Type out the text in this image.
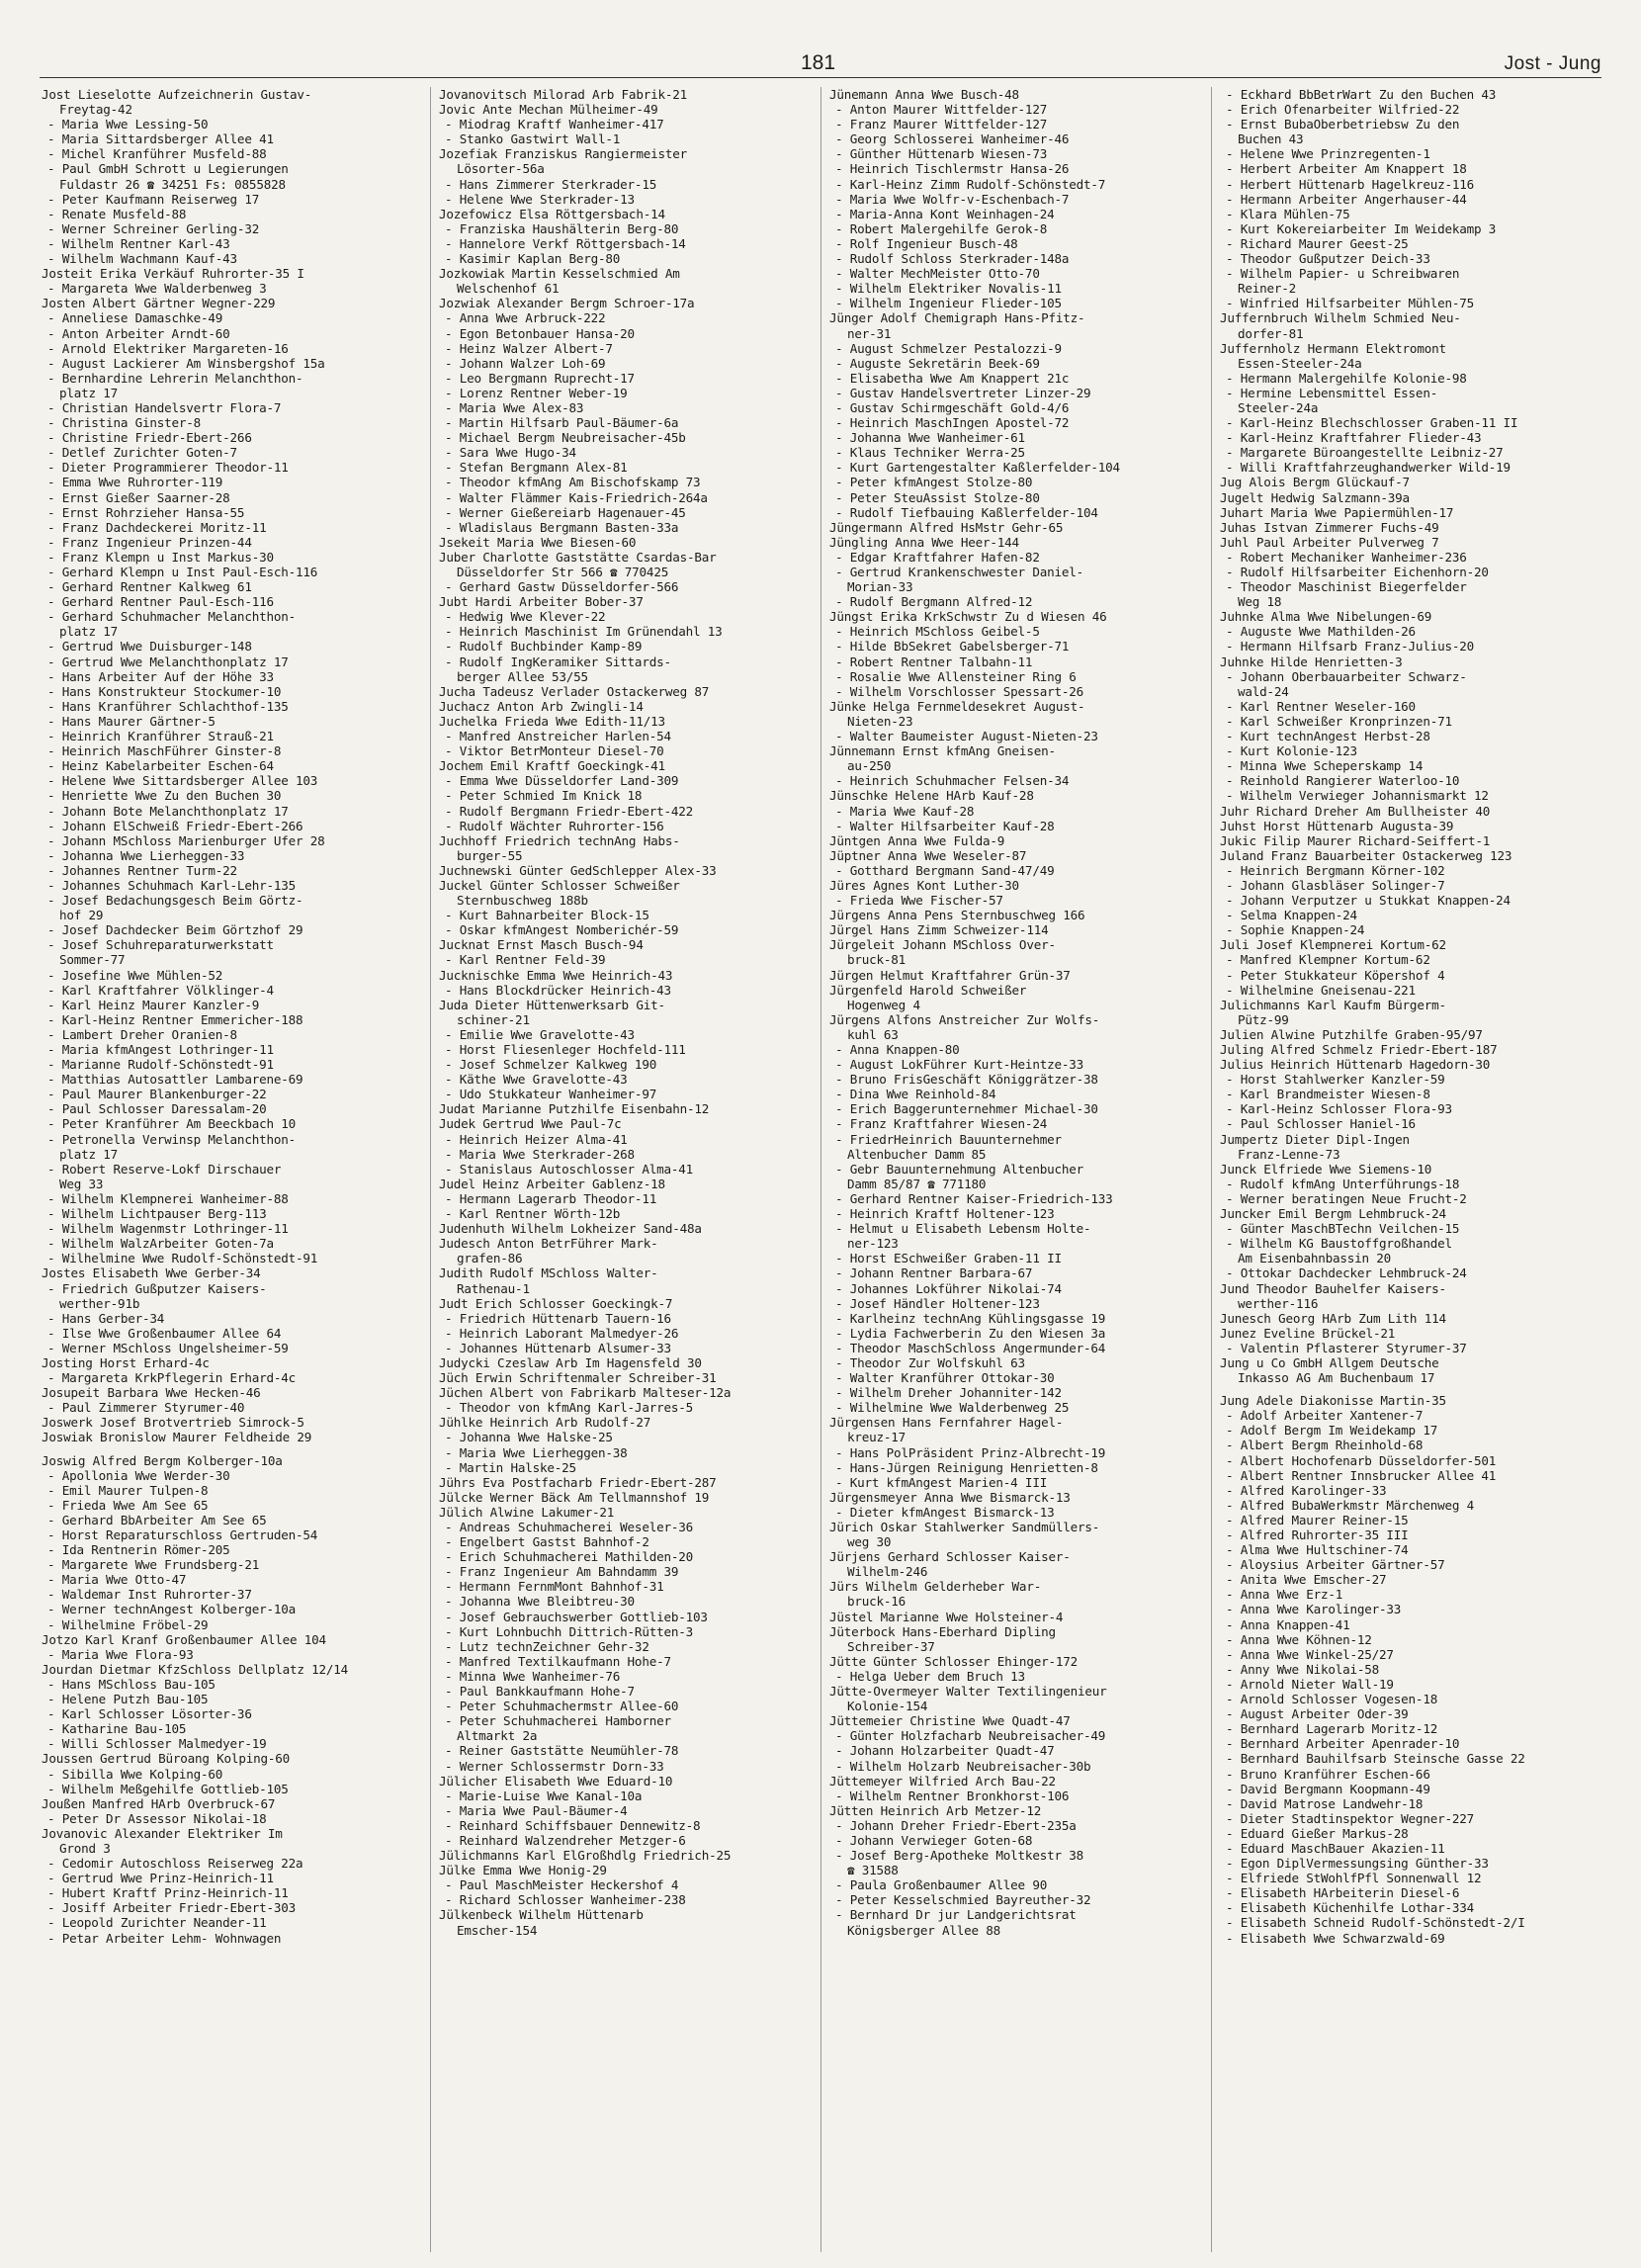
181	Jost - Jung
Jost Lieselotte Aufzeichnerin Gustav-
Freytag-42
- Maria Wwe Lessing-50
- Maria Sittardsberger Allee 41
- Michel Kranführer Musfeld-88
- Paul GmbH Schrott u Legierungen
Fuldastr 26 ☎ 34251 Fs: 0855828
- Peter Kaufmann Reiserweg 17
- Renate Musfeld-88
- Werner Schreiner Gerling-32
- Wilhelm Rentner Karl-43
- Wilhelm Wachmann Kauf-43
Josteit Erika Verkäuf Ruhrorter-35 I
- Margareta Wwe Walderbenweg 3
Josten Albert Gärtner Wegner-229
- Anneliese Damaschke-49
- Anton Arbeiter Arndt-60
- Arnold Elektriker Margareten-16
- August Lackierer Am Winsbergshof 15a
- Bernhardine Lehrerin Melanchthon-
platz 17
- Christian Handelsvertr Flora-7
- Christina Ginster-8
- Christine Friedr-Ebert-266
- Detlef Zurichter Goten-7
- Dieter Programmierer Theodor-11
- Emma Wwe Ruhrorter-119
- Ernst Gießer Saarner-28
- Ernst Rohrzieher Hansa-55
- Franz Dachdeckerei Moritz-11
- Franz Ingenieur Prinzen-44
- Franz Klempn u Inst Markus-30
- Gerhard Klempn u Inst Paul-Esch-116
- Gerhard Rentner Kalkweg 61
- Gerhard Rentner Paul-Esch-116
- Gerhard Schuhmacher Melanchthon-
platz 17
- Gertrud Wwe Duisburger-148
- Gertrud Wwe Melanchthonplatz 17
- Hans Arbeiter Auf der Höhe 33
- Hans Konstrukteur Stockumer-10
- Hans Kranführer Schlachthof-135
- Hans Maurer Gärtner-5
- Heinrich Kranführer Strauß-21
- Heinrich MaschFührer Ginster-8
- Heinz Kabelarbeiter Eschen-64
- Helene Wwe Sittardsberger Allee 103
- Henriette Wwe Zu den Buchen 30
- Johann Bote Melanchthonplatz 17
- Johann ElSchweiß Friedr-Ebert-266
- Johann MSchloss Marienburger Ufer 28
- Johanna Wwe Lierheggen-33
- Johannes Rentner Turm-22
- Johannes Schuhmach Karl-Lehr-135
- Josef Bedachungsgesch Beim Görtz-
hof 29
- Josef Dachdecker Beim Görtzhof 29
- Josef Schuhreparaturwerkstatt
Sommer-77
- Josefine Wwe Mühlen-52
- Karl Kraftfahrer Völklinger-4
- Karl Heinz Maurer Kanzler-9
- Karl-Heinz Rentner Emmericher-188
- Lambert Dreher Oranien-8
- Maria kfmAngest Lothringer-11
- Marianne Rudolf-Schönstedt-91
- Matthias Autosattler Lambarene-69
- Paul Maurer Blankenburger-22
- Paul Schlosser Daressalam-20
- Peter Kranführer Am Beeckbach 10
- Petronella Verwinsp Melanchthon-
platz 17
- Robert Reserve-Lokf Dirschauer
Weg 33
- Wilhelm Klempnerei Wanheimer-88
- Wilhelm Lichtpauser Berg-113
- Wilhelm Wagenmstr Lothringer-11
- Wilhelm WalzArbeiter Goten-7a
- Wilhelmine Wwe Rudolf-Schönstedt-91
Jostes Elisabeth Wwe Gerber-34
- Friedrich Gußputzer Kaisers-
werther-91b
- Hans Gerber-34
- Ilse Wwe Großenbaumer Allee 64
- Werner MSchloss Ungelsheimer-59
Josting Horst Erhard-4c
- Margareta KrkPflegerin Erhard-4c
Josupeit Barbara Wwe Hecken-46
- Paul Zimmerer Styrumer-40
Joswerk Josef Brotvertrieb Simrock-5
Joswiak Bronislow Maurer Feldheide 29
Joswig Alfred Bergm Kolberger-10a
- Apollonia Wwe Werder-30
- Emil Maurer Tulpen-8
- Frieda Wwe Am See 65
- Gerhard BbArbeiter Am See 65
- Horst Reparaturschloss Gertruden-54
- Ida Rentnerin Römer-205
- Margarete Wwe Frundsberg-21
- Maria Wwe Otto-47
- Waldemar Inst Ruhrorter-37
- Werner technAngest Kolberger-10a
- Wilhelmine Fröbel-29
Jotzo Karl Kranf Großenbaumer Allee 104
- Maria Wwe Flora-93
Jourdan Dietmar KfzSchloss Dellplatz 12/14
- Hans MSchloss Bau-105
- Helene Putzh Bau-105
- Karl Schlosser Lösorter-36
- Katharine Bau-105
- Willi Schlosser Malmedyer-19
Joussen Gertrud Büroang Kolping-60
- Sibilla Wwe Kolping-60
- Wilhelm Meßgehilfe Gottlieb-105
Joußen Manfred HArb Overbruck-67
- Peter Dr Assessor Nikolai-18
Jovanovic Alexander Elektriker Im
Grond 3
- Cedomir Autoschloss Reiserweg 22a
- Gertrud Wwe Prinz-Heinrich-11
- Hubert Kraftf Prinz-Heinrich-11
- Josiff Arbeiter Friedr-Ebert-303
- Leopold Zurichter Neander-11
- Petar Arbeiter Lehm- Wohnwagen
Jovanovitsch Milorad Arb Fabrik-21
Jovic Ante Mechan Mülheimer-49
- Miodrag Kraftf Wanheimer-417
- Stanko Gastwirt Wall-1
Jozefiak Franziskus Rangiermeister
Lösorter-56a
- Hans Zimmerer Sterkrader-15
- Helene Wwe Sterkrader-13
Jozefowicz Elsa Röttgersbach-14
- Franziska Haushälterin Berg-80
- Hannelore Verkf Röttgersbach-14
- Kasimir Kaplan Berg-80
Jozkowiak Martin Kesselschmied Am
Welschenhof 61
Jozwiak Alexander Bergm Schroer-17a
- Anna Wwe Arbruck-222
- Egon Betonbauer Hansa-20
- Heinz Walzer Albert-7
- Johann Walzer Loh-69
- Leo Bergmann Ruprecht-17
- Lorenz Rentner Weber-19
- Maria Wwe Alex-83
- Martin Hilfsarb Paul-Bäumer-6a
- Michael Bergm Neubreisacher-45b
- Sara Wwe Hugo-34
- Stefan Bergmann Alex-81
- Theodor kfmAng Am Bischofskamp 73
- Walter Flämmer Kais-Friedrich-264a
- Werner Gießereiarb Hagenauer-45
- Wladislaus Bergmann Basten-33a
Jsekeit Maria Wwe Biesen-60
Juber Charlotte Gaststätte Csardas-Bar
Düsseldorfer Str 566 ☎ 770425
- Gerhard Gastw Düsseldorfer-566
Jubt Hardi Arbeiter Bober-37
- Hedwig Wwe Klever-22
- Heinrich Maschinist Im Grünendahl 13
- Rudolf Buchbinder Kamp-89
- Rudolf IngKeramiker Sittards-
berger Allee 53/55
Jucha Tadeusz Verlader Ostackerweg 87
Juchacz Anton Arb Zwingli-14
Juchelka Frieda Wwe Edith-11/13
- Manfred Anstreicher Harlen-54
- Viktor BetrMonteur Diesel-70
Jochem Emil Kraftf Goeckingk-41
- Emma Wwe Düsseldorfer Land-309
- Peter Schmied Im Knick 18
- Rudolf Bergmann Friedr-Ebert-422
- Rudolf Wächter Ruhrorter-156
Juchhoff Friedrich technAng Habs-
burger-55
Juchnewski Günter GedSchlepper Alex-33
Juckel Günter Schlosser Schweißer
Sternbuschweg 188b
- Kurt Bahnarbeiter Block-15
- Oskar kfmAngest Nomberichér-59
Jucknat Ernst Masch Busch-94
- Karl Rentner Feld-39
Jucknischke Emma Wwe Heinrich-43
- Hans Blockdrücker Heinrich-43
Juda Dieter Hüttenwerksarb Git-
schiner-21
- Emilie Wwe Gravelotte-43
- Horst Fliesenleger Hochfeld-111
- Josef Schmelzer Kalkweg 190
- Käthe Wwe Gravelotte-43
- Udo Stukkateur Wanheimer-97
Judat Marianne Putzhilfe Eisenbahn-12
Judek Gertrud Wwe Paul-7c
- Heinrich Heizer Alma-41
- Maria Wwe Sterkrader-268
- Stanislaus Autoschlosser Alma-41
Judel Heinz Arbeiter Gablenz-18
- Hermann Lagerarb Theodor-11
- Karl Rentner Wörth-12b
Judenhuth Wilhelm Lokheizer Sand-48a
Judesch Anton BetrFührer Mark-
grafen-86
Judith Rudolf MSchloss Walter-
Rathenau-1
Judt Erich Schlosser Goeckingk-7
- Friedrich Hüttenarb Tauern-16
- Heinrich Laborant Malmedyer-26
- Johannes Hüttenarb Alsumer-33
Judycki Czeslaw Arb Im Hagensfeld 30
Jüch Erwin Schriftenmaler Schreiber-31
Jüchen Albert von Fabrikarb Malteser-12a
- Theodor von kfmAng Karl-Jarres-5
Jühlke Heinrich Arb Rudolf-27
- Johanna Wwe Halske-25
- Maria Wwe Lierheggen-38
- Martin Halske-25
Jührs Eva Postfacharb Friedr-Ebert-287
Jülcke Werner Bäck Am Tellmannshof 19
Jülich Alwine Lakumer-21
- Andreas Schuhmacherei Weseler-36
- Engelbert Gastst Bahnhof-2
- Erich Schuhmacherei Mathilden-20
- Franz Ingenieur Am Bahndamm 39
- Hermann FernmMont Bahnhof-31
- Johanna Wwe Bleibtreu-30
- Josef Gebrauchswerber Gottlieb-103
- Kurt Lohnbuchh Dittrich-Rütten-3
- Lutz technZeichner Gehr-32
- Manfred Textilkaufmann Hohe-7
- Minna Wwe Wanheimer-76
- Paul Bankkaufmann Hohe-7
- Peter Schuhmachermstr Allee-60
- Peter Schuhmacherei Hamborner
Altmarkt 2a
- Reiner Gaststätte Neumühler-78
- Werner Schlossermstr Dorn-33
Jülicher Elisabeth Wwe Eduard-10
- Marie-Luise Wwe Kanal-10a
- Maria Wwe Paul-Bäumer-4
- Reinhard Schiffsbauer Dennewitz-8
- Reinhard Walzendreher Metzger-6
Jülichmanns Karl ElGroßhdlg Friedrich-25
Jülke Emma Wwe Honig-29
- Paul MaschMeister Heckershof 4
- Richard Schlosser Wanheimer-238
Jülkenbeck Wilhelm Hüttenarb
Emscher-154
Jünemann Anna Wwe Busch-48
- Anton Maurer Wittfelder-127
- Franz Maurer Wittfelder-127
- Georg Schlosserei Wanheimer-46
- Günther Hüttenarb Wiesen-73
- Heinrich Tischlermstr Hansa-26
- Karl-Heinz Zimm Rudolf-Schönstedt-7
- Maria Wwe Wolfr-v-Eschenbach-7
- Maria-Anna Kont Weinhagen-24
- Robert Malergehilfe Gerok-8
- Rolf Ingenieur Busch-48
- Rudolf Schloss Sterkrader-148a
- Walter MechMeister Otto-70
- Wilhelm Elektriker Novalis-11
- Wilhelm Ingenieur Flieder-105
Jünger Adolf Chemigraph Hans-Pfitz-
ner-31
- August Schmelzer Pestalozzi-9
- Auguste Sekretärin Beek-69
- Elisabetha Wwe Am Knappert 21c
- Gustav Handelsvertreter Linzer-29
- Gustav Schirmgeschäft Gold-4/6
- Heinrich MaschIngen Apostel-72
- Johanna Wwe Wanheimer-61
- Klaus Techniker Werra-25
- Kurt Gartengestalter Kaßlerfelder-104
- Peter kfmAngest Stolze-80
- Peter SteuAssist Stolze-80
- Rudolf Tiefbauing Kaßlerfelder-104
Jüngermann Alfred HsMstr Gehr-65
Jüngling Anna Wwe Heer-144
- Edgar Kraftfahrer Hafen-82
- Gertrud Krankenschwester Daniel-
Morian-33
- Rudolf Bergmann Alfred-12
Jüngst Erika KrkSchwstr Zu d Wiesen 46
- Heinrich MSchloss Geibel-5
- Hilde BbSekret Gabelsberger-71
- Robert Rentner Talbahn-11
- Rosalie Wwe Allensteiner Ring 6
- Wilhelm Vorschlosser Spessart-26
Jünke Helga Fernmeldesekret August-
Nieten-23
- Walter Baumeister August-Nieten-23
Jünnemann Ernst kfmAng Gneisen-
au-250
- Heinrich Schuhmacher Felsen-34
Jünschke Helene HArb Kauf-28
- Maria Wwe Kauf-28
- Walter Hilfsarbeiter Kauf-28
Jüntgen Anna Wwe Fulda-9
Jüptner Anna Wwe Weseler-87
- Gotthard Bergmann Sand-47/49
Jüres Agnes Kont Luther-30
- Frieda Wwe Fischer-57
Jürgens Anna Pens Sternbuschweg 166
Jürgel Hans Zimm Schweizer-114
Jürgeleit Johann MSchloss Over-
bruck-81
Jürgen Helmut Kraftfahrer Grün-37
Jürgenfeld Harold Schweißer
Hogenweg 4
Jürgens Alfons Anstreicher Zur Wolfs-
kuhl 63
- Anna Knappen-80
- August LokFührer Kurt-Heintze-33
- Bruno FrisGeschäft Königgrätzer-38
- Dina Wwe Reinhold-84
- Erich Baggerunternehmer Michael-30
- Franz Kraftfahrer Wiesen-24
- FriedrHeinrich Bauunternehmer
Altenbucher Damm 85
- Gebr Bauunternehmung Altenbucher
Damm 85/87 ☎ 771180
- Gerhard Rentner Kaiser-Friedrich-133
- Heinrich Kraftf Holtener-123
- Helmut u Elisabeth Lebensm Holte-
ner-123
- Horst ESchweißer Graben-11 II
- Johann Rentner Barbara-67
- Johannes Lokführer Nikolai-74
- Josef Händler Holtener-123
- Karlheinz technAng Kühlingsgasse 19
- Lydia Fachwerberin Zu den Wiesen 3a
- Theodor MaschSchloss Angermunder-64
- Theodor Zur Wolfskuhl 63
- Walter Kranführer Ottokar-30
- Wilhelm Dreher Johanniter-142
- Wilhelmine Wwe Walderbenweg 25
Jürgensen Hans Fernfahrer Hagel-
kreuz-17
- Hans PolPräsident Prinz-Albrecht-19
- Hans-Jürgen Reinigung Henrietten-8
- Kurt kfmAngest Marien-4 III
Jürgensmeyer Anna Wwe Bismarck-13
- Dieter kfmAngest Bismarck-13
Jürich Oskar Stahlwerker Sandmüllers-
weg 30
Jürjens Gerhard Schlosser Kaiser-
Wilhelm-246
Jürs Wilhelm Gelderheber War-
bruck-16
Jüstel Marianne Wwe Holsteiner-4
Jüterbock Hans-Eberhard Dipling
Schreiber-37
Jütte Günter Schlosser Ehinger-172
- Helga Ueber dem Bruch 13
Jütte-Overmeyer Walter Textilingenieur
Kolonie-154
Jüttemeier Christine Wwe Quadt-47
- Günter Holzfacharb Neubreisacher-49
- Johann Holzarbeiter Quadt-47
- Wilhelm Holzarb Neubreisacher-30b
Jüttemeyer Wilfried Arch Bau-22
- Wilhelm Rentner Bronkhorst-106
Jütten Heinrich Arb Metzer-12
- Johann Dreher Friedr-Ebert-235a
- Johann Verwieger Goten-68
- Josef Berg-Apotheke Moltkestr 38
☎ 31588
- Paula Großenbaumer Allee 90
- Peter Kesselschmied Bayreuther-32
- Bernhard Dr jur Landgerichtsrat
Königsberger Allee 88
- Eckhard BbBetrWart Zu den Buchen 43
- Erich Ofenarbeiter Wilfried-22
- Ernst BubaOberbetriebsw Zu den
Buchen 43
- Helene Wwe Prinzregenten-1
- Herbert Arbeiter Am Knappert 18
- Herbert Hüttenarb Hagelkreuz-116
- Hermann Arbeiter Angerhauser-44
- Klara Mühlen-75
- Kurt Kokereiarbeiter Im Weidekamp 3
- Richard Maurer Geest-25
- Theodor Gußputzer Deich-33
- Wilhelm Papier- u Schreibwaren
Reiner-2
- Winfried Hilfsarbeiter Mühlen-75
Juffernbruch Wilhelm Schmied Neu-
dorfer-81
Juffernholz Hermann Elektromont
Essen-Steeler-24a
- Hermann Malergehilfe Kolonie-98
- Hermine Lebensmittel Essen-
Steeler-24a
- Karl-Heinz Blechschlosser Graben-11 II
- Karl-Heinz Kraftfahrer Flieder-43
- Margarete Büroangestellte Leibniz-27
- Willi Kraftfahrzeughandwerker Wild-19
Jug Alois Bergm Glückauf-7
Jugelt Hedwig Salzmann-39a
Juhart Maria Wwe Papiermühlen-17
Juhas Istvan Zimmerer Fuchs-49
Juhl Paul Arbeiter Pulverweg 7
- Robert Mechaniker Wanheimer-236
- Rudolf Hilfsarbeiter Eichenhorn-20
- Theodor Maschinist Biegerfelder
Weg 18
Juhnke Alma Wwe Nibelungen-69
- Auguste Wwe Mathilden-26
- Hermann Hilfsarb Franz-Julius-20
Juhnke Hilde Henrietten-3
- Johann Oberbauarbeiter Schwarz-
wald-24
- Karl Rentner Weseler-160
- Karl Schweißer Kronprinzen-71
- Kurt technAngest Herbst-28
- Kurt Kolonie-123
- Minna Wwe Scheperskamp 14
- Reinhold Rangierer Waterloo-10
- Wilhelm Verwieger Johannismarkt 12
Juhr Richard Dreher Am Bullheister 40
Juhst Horst Hüttenarb Augusta-39
Jukic Filip Maurer Richard-Seiffert-1
Juland Franz Bauarbeiter Ostackerweg 123
- Heinrich Bergmann Körner-102
- Johann Glasbläser Solinger-7
- Johann Verputzer u Stukkat Knappen-24
- Selma Knappen-24
- Sophie Knappen-24
Juli Josef Klempnerei Kortum-62
- Manfred Klempner Kortum-62
- Peter Stukkateur Köpershof 4
- Wilhelmine Gneisenau-221
Julichmanns Karl Kaufm Bürgerm-
Pütz-99
Julien Alwine Putzhilfe Graben-95/97
Juling Alfred Schmelz Friedr-Ebert-187
Julius Heinrich Hüttenarb Hagedorn-30
- Horst Stahlwerker Kanzler-59
- Karl Brandmeister Wiesen-8
- Karl-Heinz Schlosser Flora-93
- Paul Schlosser Haniel-16
Jumpertz Dieter Dipl-Ingen
Franz-Lenne-73
Junck Elfriede Wwe Siemens-10
- Rudolf kfmAng Unterführungs-18
- Werner beratingen Neue Frucht-2
Juncker Emil Bergm Lehmbruck-24
- Günter MaschBTechn Veilchen-15
- Wilhelm KG Baustoffgroßhandel
Am Eisenbahnbassin 20
- Ottokar Dachdecker Lehmbruck-24
Jund Theodor Bauhelfer Kaisers-
werther-116
Junesch Georg HArb Zum Lith 114
Junez Eveline Brückel-21
- Valentin Pflasterer Styrumer-37
Jung u Co GmbH Allgem Deutsche
Inkasso AG Am Buchenbaum 17
Jung Adele Diakonisse Martin-35
- Adolf Arbeiter Xantener-7
- Adolf Bergm Im Weidekamp 17
- Albert Bergm Rheinhold-68
- Albert Hochofenarb Düsseldorfer-501
- Albert Rentner Innsbrucker Allee 41
- Alfred Karolinger-33
- Alfred BubaWerkmstr Märchenweg 4
- Alfred Maurer Reiner-15
- Alfred Ruhrorter-35 III
- Alma Wwe Hultschiner-74
- Aloysius Arbeiter Gärtner-57
- Anita Wwe Emscher-27
- Anna Wwe Erz-1
- Anna Wwe Karolinger-33
- Anna Knappen-41
- Anna Wwe Köhnen-12
- Anna Wwe Winkel-25/27
- Anny Wwe Nikolai-58
- Arnold Nieter Wall-19
- Arnold Schlosser Vogesen-18
- August Arbeiter Oder-39
- Bernhard Lagerarb Moritz-12
- Bernhard Arbeiter Apenrader-10
- Bernhard Bauhilfsarb Steinsche Gasse 22
- Bruno Kranführer Eschen-66
- David Bergmann Koopmann-49
- David Matrose Landwehr-18
- Dieter Stadtinspektor Wegner-227
- Eduard Gießer Markus-28
- Eduard MaschBauer Akazien-11
- Egon DiplVermessungsing Günther-33
- Elfriede StWohlfPfl Sonnenwall 12
- Elisabeth HArbeiterin Diesel-6
- Elisabeth Küchenhilfe Lothar-334
- Elisabeth Schneid Rudolf-Schönstedt-2/I
- Elisabeth Wwe Schwarzwald-69
